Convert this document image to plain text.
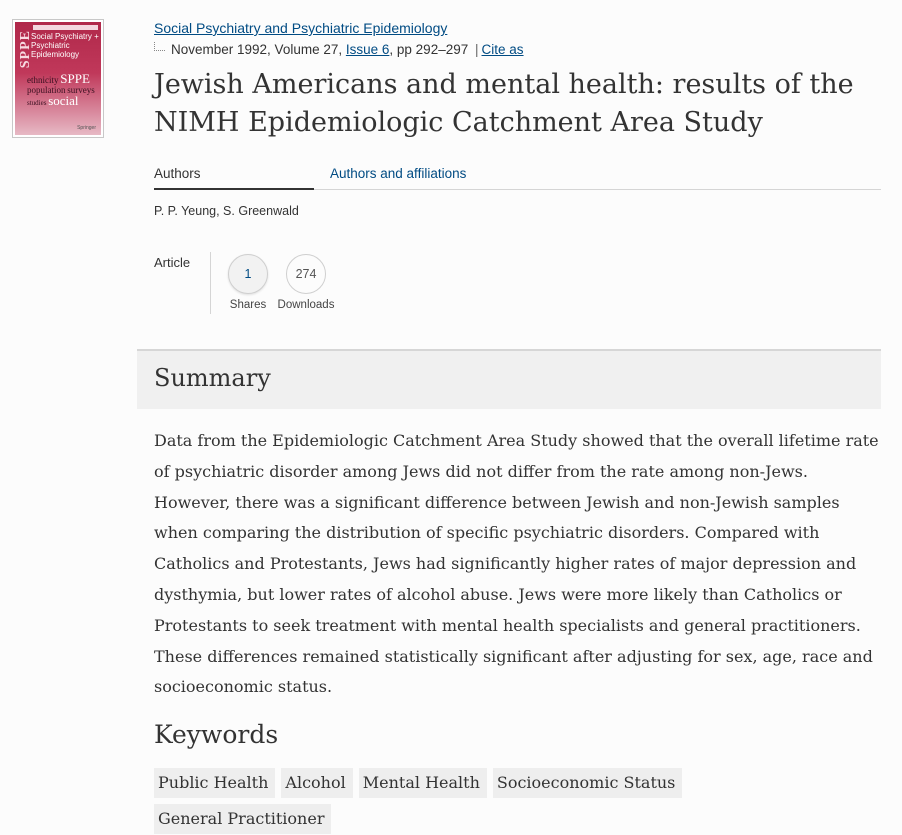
SPPE
Social Psychiatry +
Psychiatric
Epidemiology
ethnicity SPPE
population surveys
studies social
Springer
Social Psychiatry and Psychiatric Epidemiology
November 1992, Volume 27, Issue 6, pp 292–297 | Cite as
Jewish Americans and mental health: results of the NIMH Epidemiologic Catchment Area Study
Authors	Authors and affiliations
P. P. Yeung, S. Greenwald
Article
1
Shares
274
Downloads
Summary

Data from the Epidemiologic Catchment Area Study showed that the overall lifetime rate of psychiatric disorder among Jews did not differ from the rate among non-Jews. However, there was a significant difference between Jewish and non-Jewish samples when comparing the distribution of specific psychiatric disorders. Compared with Catholics and Protestants, Jews had significantly higher rates of major depression and dysthymia, but lower rates of alcohol abuse. Jews were more likely than Catholics or Protestants to seek treatment with mental health specialists and general practitioners. These differences remained statistically significant after adjusting for sex, age, race and socioeconomic status.

Keywords
Public Health	Alcohol	Mental Health	Socioeconomic Status
General Practitioner
